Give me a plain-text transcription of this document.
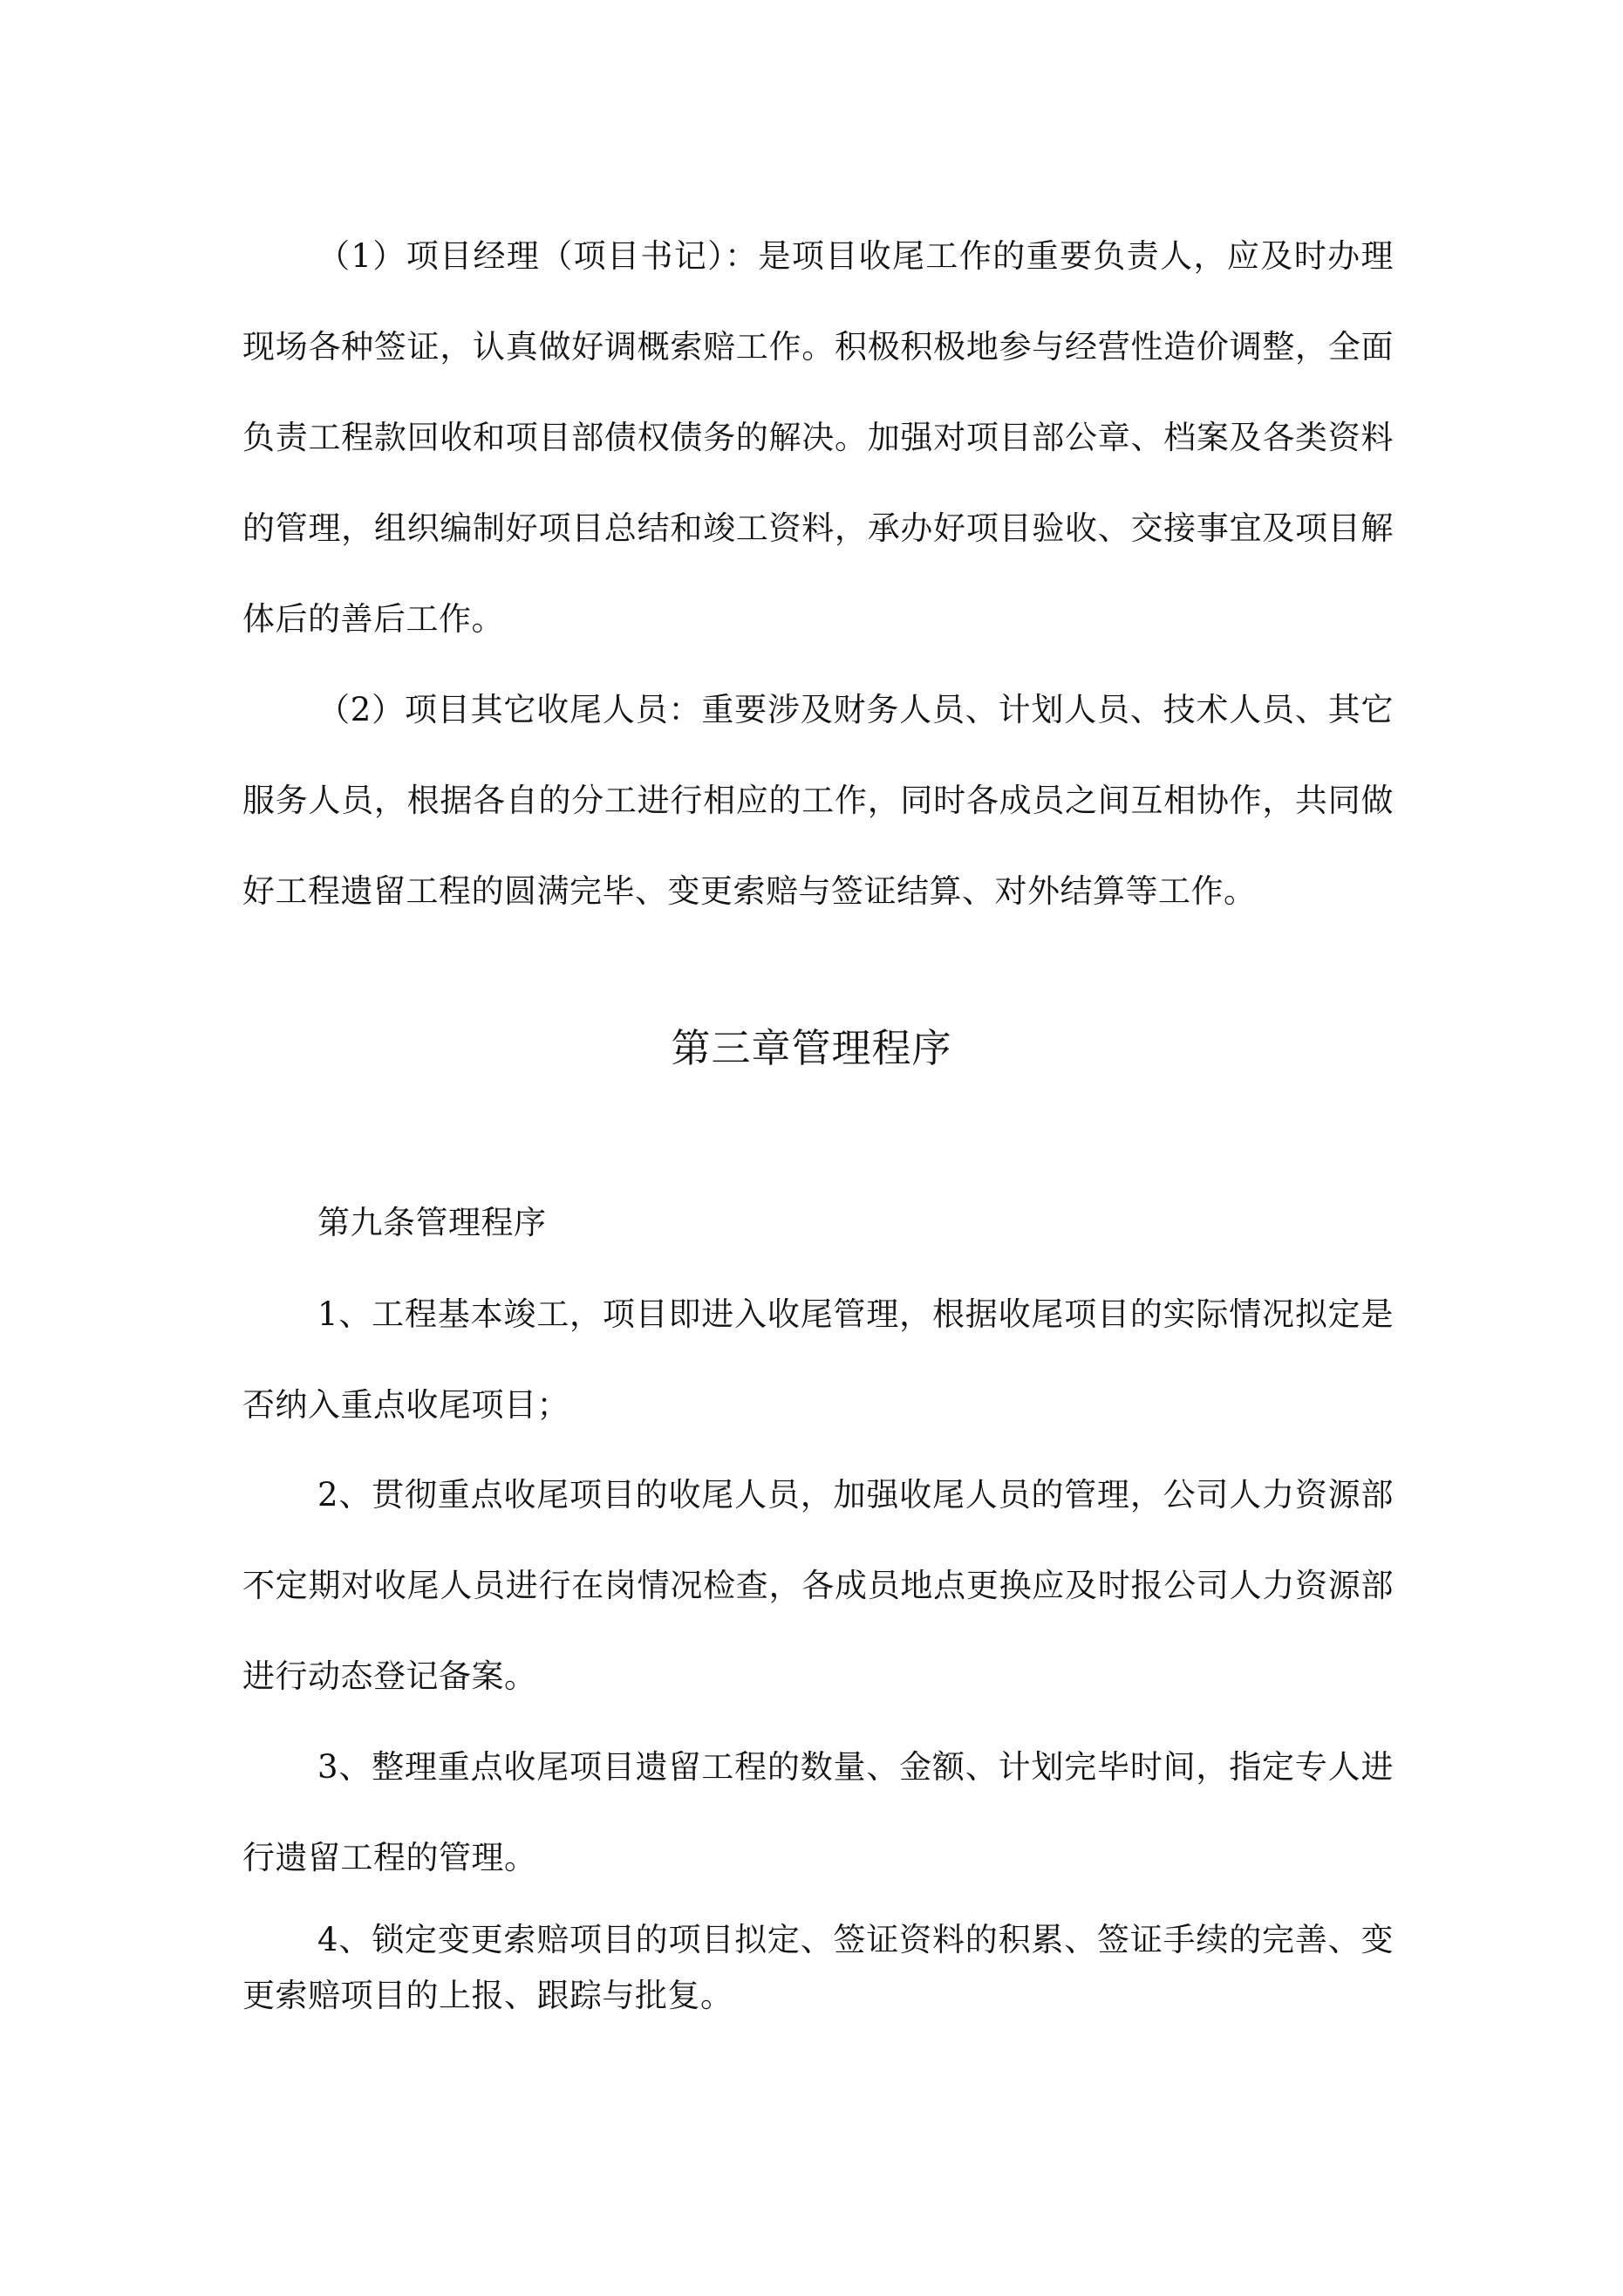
（1）项目经理（项目书记）：是项目收尾工作的重要负责人，应及时办理现场各种签证，认真做好调概索赔工作。积极积极地参与经营性造价调整，全面负责工程款回收和项目部债权债务的解决。加强对项目部公章、档案及各类资料的管理，组织编制好项目总结和竣工资料，承办好项目验收、交接事宜及项目解体后的善后工作。

（2）项目其它收尾人员：重要涉及财务人员、计划人员、技术人员、其它服务人员，根据各自的分工进行相应的工作，同时各成员之间互相协作，共同做好工程遗留工程的圆满完毕、变更索赔与签证结算、对外结算等工作。

第三章管理程序

第九条管理程序

1、工程基本竣工，项目即进入收尾管理，根据收尾项目的实际情况拟定是否纳入重点收尾项目；

2、贯彻重点收尾项目的收尾人员，加强收尾人员的管理，公司人力资源部不定期对收尾人员进行在岗情况检查，各成员地点更换应及时报公司人力资源部进行动态登记备案。

3、整理重点收尾项目遗留工程的数量、金额、计划完毕时间，指定专人进行遗留工程的管理。

4、锁定变更索赔项目的项目拟定、签证资料的积累、签证手续的完善、变更索赔项目的上报、跟踪与批复。
